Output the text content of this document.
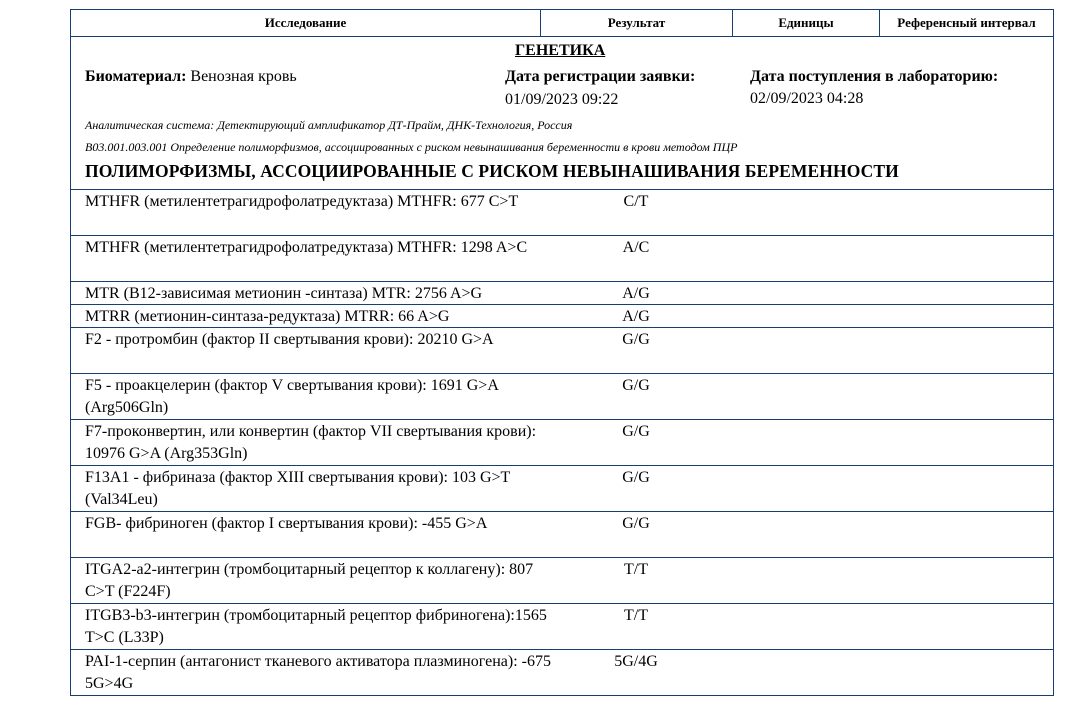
Исследование	Результат	Единицы	Референсный интервал
ГЕНЕТИКА
Биоматериал: Венозная кровь	Дата регистрации заявки:
01/09/2023 09:22
Дата поступления в лабораторию:
02/09/2023 04:28
Аналитическая система: Детектирующий амплификатор ДТ-Прайм, ДНК-Технология, Россия
B03.001.003.001 Определение полиморфизмов, ассоциированных с риском невынашивания беременности в крови методом ПЦР
ПОЛИМОРФИЗМЫ, АССОЦИИРОВАННЫЕ С РИСКОМ НЕВЫНАШИВАНИЯ БЕРЕМЕННОСТИ
MTHFR (метилентетрагидрофолатредуктаза) MTHFR: 677 C>T	C/T
MTHFR (метилентетрагидрофолатредуктаза) MTHFR: 1298 A>C	A/C
MTR (B12-зависимая метионин -синтаза) MTR: 2756 A>G	A/G
MTRR (метионин-синтаза-редуктаза) MTRR: 66 A>G	A/G
F2 - протромбин (фактор II свертывания крови): 20210 G>A	G/G
F5 - проакцелерин (фактор V свертывания крови): 1691 G>A (Arg506Gln)
G/G
F7-проконвертин, или конвертин (фактор VII свертывания крови): 10976 G>A (Arg353Gln)
G/G
F13A1 - фибриназа (фактор XIII свертывания крови): 103 G>T (Val34Leu)
G/G
FGB- фибриноген (фактор I свертывания крови): -455 G>A	G/G
ITGA2-a2-интегрин (тромбоцитарный рецептор к коллагену): 807 C>T (F224F)
T/T
ITGB3-b3-интегрин (тромбоцитарный рецептор фибриногена):1565 T>C (L33P)
T/T
PAI-1-серпин (антагонист тканевого активатора плазминогена): -675 5G>4G
5G/4G
